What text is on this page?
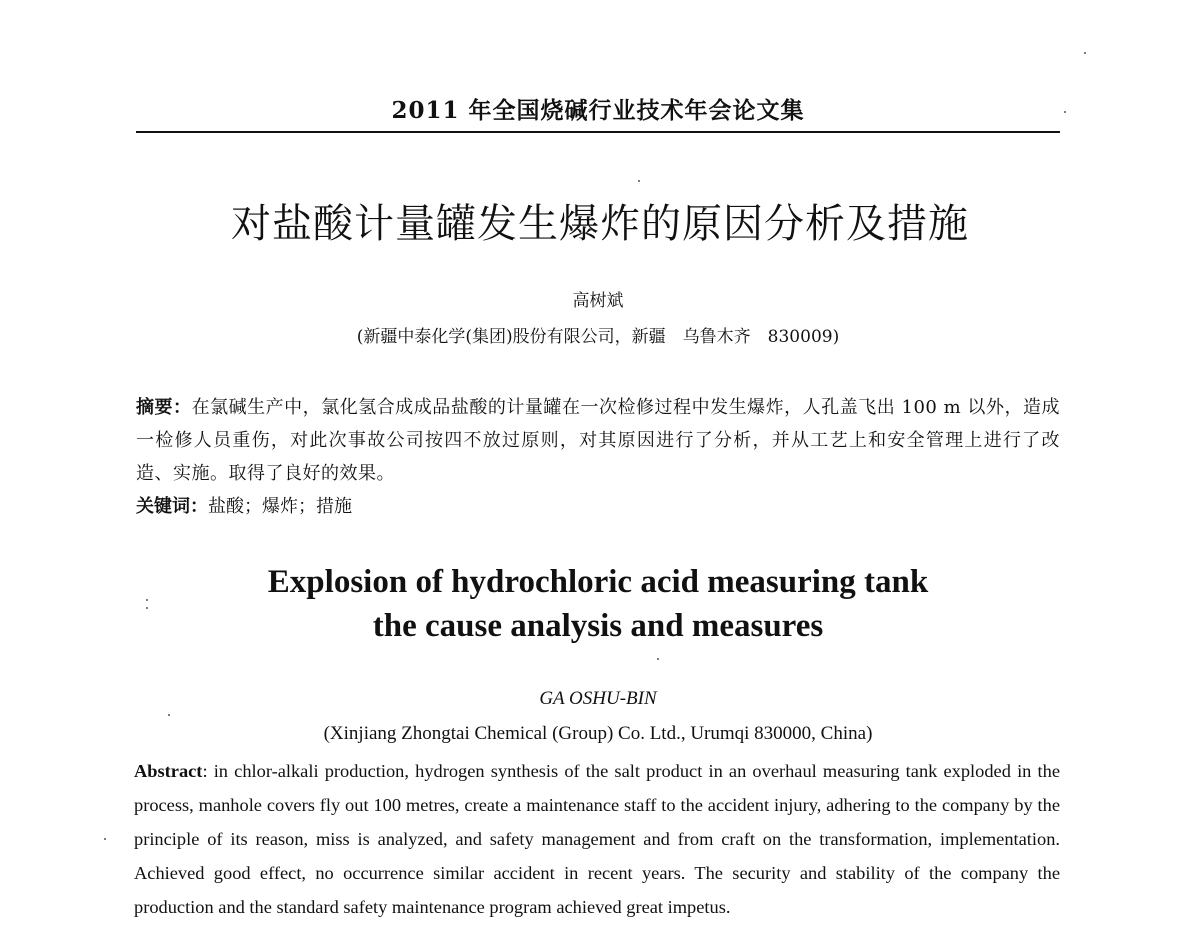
2011 年全国烧碱行业技术年会论文集
对盐酸计量罐发生爆炸的原因分析及措施
高树斌
(新疆中泰化学(集团)股份有限公司，新疆　乌鲁木齐　830009)
摘要：在氯碱生产中，氯化氢合成成品盐酸的计量罐在一次检修过程中发生爆炸，人孔盖飞出 100 m 以外，造成一检修人员重伤，对此次事故公司按四不放过原则，对其原因进行了分析，并从工艺上和安全管理上进行了改造、实施。取得了良好的效果。
关键词：盐酸；爆炸；措施
Explosion of hydrochloric acid measuring tank
the cause analysis and measures
GA OSHU-BIN
(Xinjiang Zhongtai Chemical (Group) Co. Ltd., Urumqi 830000, China)
Abstract: in chlor-alkali production, hydrogen synthesis of the salt product in an overhaul measuring tank exploded in the process, manhole covers fly out 100 metres, create a maintenance staff to the accident injury, adhering to the company by the principle of its reason, miss is analyzed, and safety management and from craft on the transformation, implementation. Achieved good effect, no occurrence similar accident in recent years. The security and stability of the company the production and the standard safety maintenance program achieved great impetus.
